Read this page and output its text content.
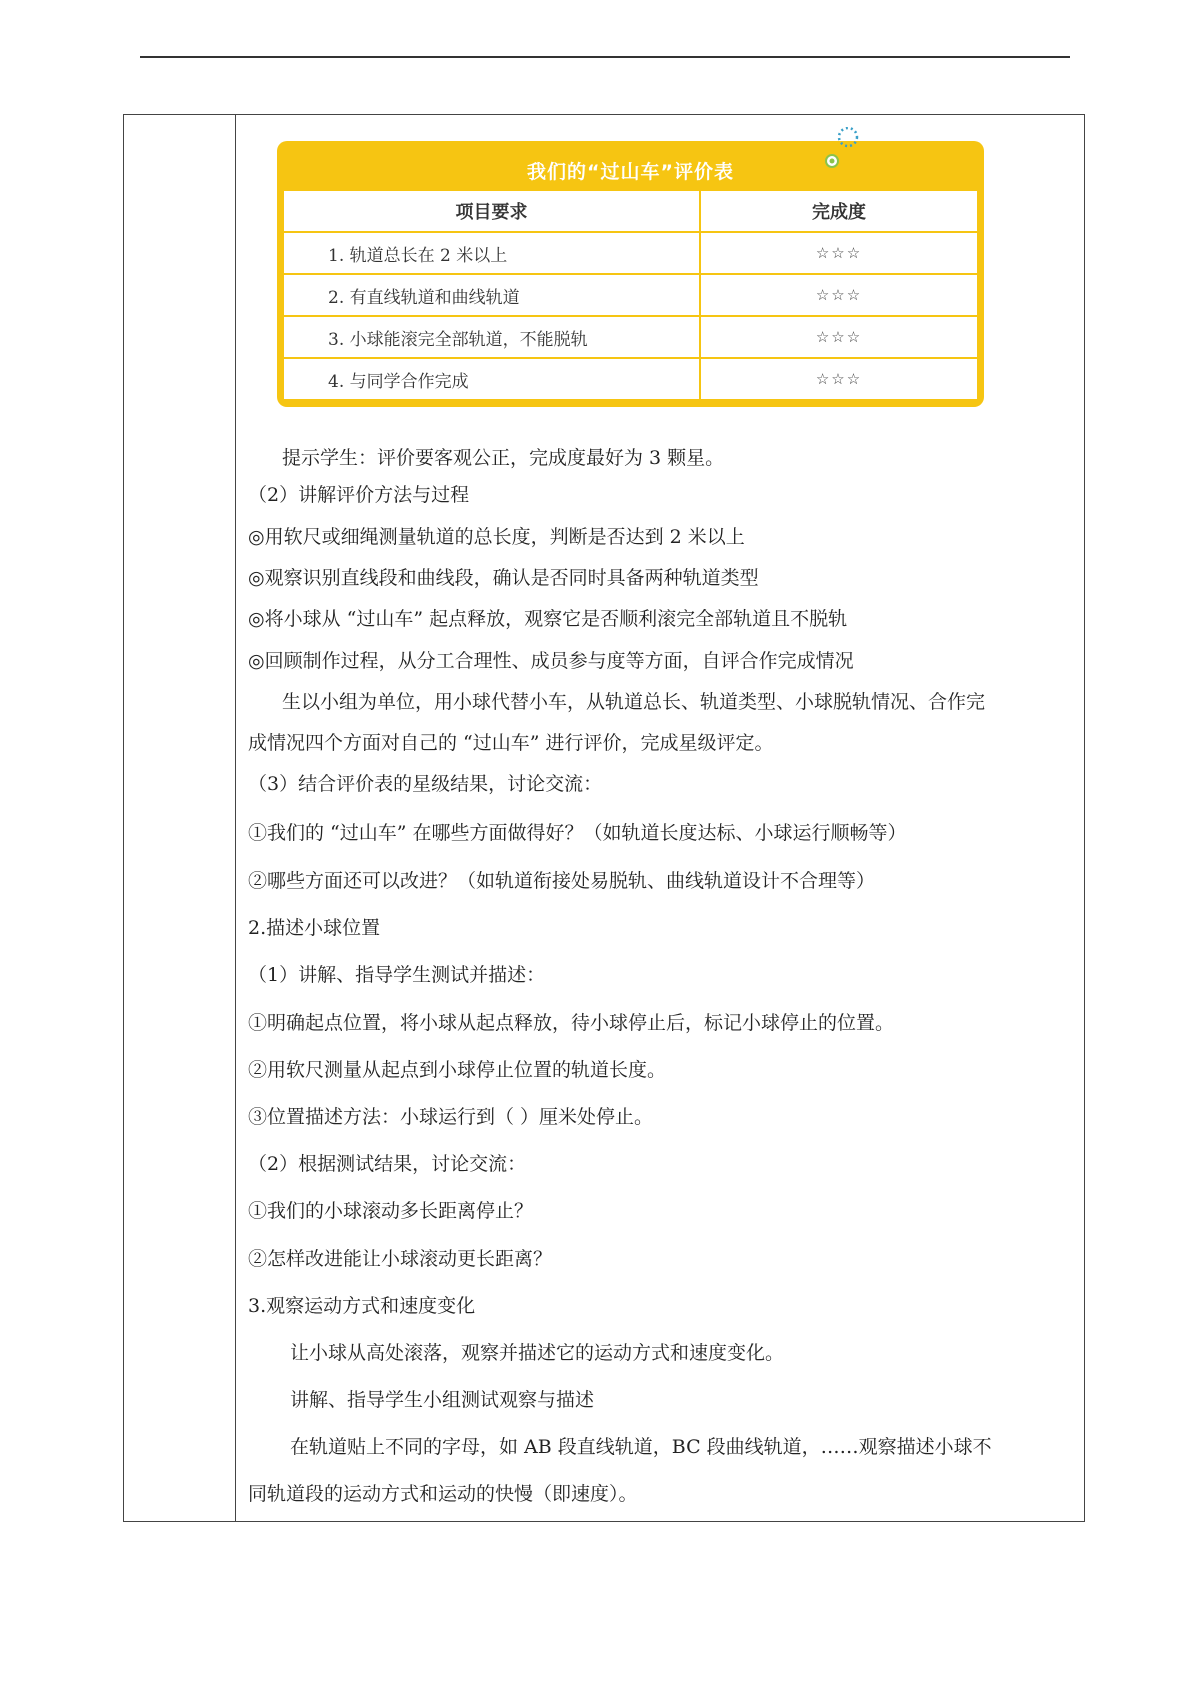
我们的“过山车”评价表
项目要求	完成度
1. 轨道总长在 2 米以上	☆☆☆
2. 有直线轨道和曲线轨道	☆☆☆
3. 小球能滚完全部轨道，不能脱轨	☆☆☆
4. 与同学合作完成	☆☆☆
提示学生：评价要客观公正，完成度最好为 3 颗星。
（2）讲解评价方法与过程
◎用软尺或细绳测量轨道的总长度，判断是否达到 2 米以上
◎观察识别直线段和曲线段，确认是否同时具备两种轨道类型
◎将小球从 “过山车” 起点释放，观察它是否顺利滚完全部轨道且不脱轨
◎回顾制作过程，从分工合理性、成员参与度等方面，自评合作完成情况
生以小组为单位，用小球代替小车，从轨道总长、轨道类型、小球脱轨情况、合作完
成情况四个方面对自己的 “过山车” 进行评价，完成星级评定。
（3）结合评价表的星级结果，讨论交流：
①我们的 “过山车” 在哪些方面做得好？（如轨道长度达标、小球运行顺畅等）
②哪些方面还可以改进？（如轨道衔接处易脱轨、曲线轨道设计不合理等）
2.描述小球位置
（1）讲解、指导学生测试并描述：
①明确起点位置，将小球从起点释放，待小球停止后，标记小球停止的位置。
②用软尺测量从起点到小球停止位置的轨道长度。
③位置描述方法：小球运行到（ ）厘米处停止。
（2）根据测试结果，讨论交流：
①我们的小球滚动多长距离停止？
②怎样改进能让小球滚动更长距离？
3.观察运动方式和速度变化
让小球从高处滚落，观察并描述它的运动方式和速度变化。
讲解、指导学生小组测试观察与描述
在轨道贴上不同的字母，如 AB 段直线轨道，BC 段曲线轨道，……观察描述小球不
同轨道段的运动方式和运动的快慢（即速度）。
